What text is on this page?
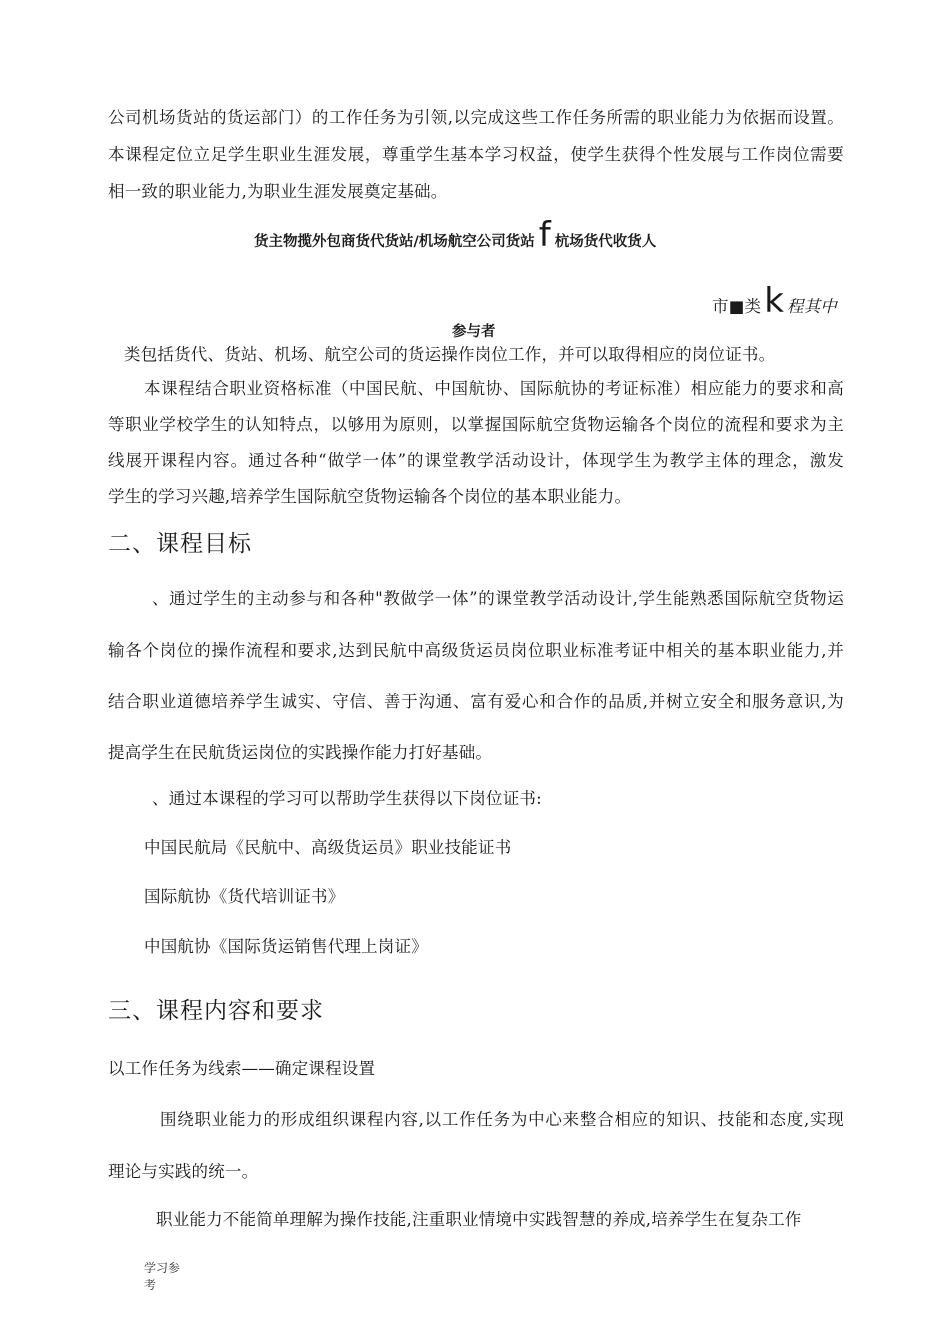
公司机场货站的货运部门）的工作任务为引领,以完成这些工作任务所需的职业能力为依据而设置。
本课程定位立足学生职业生涯发展，尊重学生基本学习权益，使学生获得个性发展与工作岗位需要
相一致的职业能力,为职业生涯发展奠定基础。
货主物揽外包商货代货站/机场航空公司货站 f 杭场货代收货人
市■类k 程其中
参与者
类包括货代、货站、机场、航空公司的货运操作岗位工作，并可以取得相应的岗位证书。
本课程结合职业资格标准（中国民航、中国航协、国际航协的考证标准）相应能力的要求和高
等职业学校学生的认知特点，以够用为原则，以掌握国际航空货物运输各个岗位的流程和要求为主
线展开课程内容。通过各种“做学一体”的课堂教学活动设计，体现学生为教学主体的理念，激发
学生的学习兴趣,培养学生国际航空货物运输各个岗位的基本职业能力。
二、课程目标
、通过学生的主动参与和各种"教做学一体”的课堂教学活动设计,学生能熟悉国际航空货物运
输各个岗位的操作流程和要求,达到民航中高级货运员岗位职业标准考证中相关的基本职业能力,并
结合职业道德培养学生诚实、守信、善于沟通、富有爱心和合作的品质,并树立安全和服务意识,为
提高学生在民航货运岗位的实践操作能力打好基础。
、通过本课程的学习可以帮助学生获得以下岗位证书:
中国民航局《民航中、高级货运员》职业技能证书
国际航协《货代培训证书》
中国航协《国际货运销售代理上岗证》
三、课程内容和要求
以工作任务为线索——确定课程设置
围绕职业能力的形成组织课程内容,以工作任务为中心来整合相应的知识、技能和态度,实现
理论与实践的统一。
职业能力不能简单理解为操作技能,注重职业情境中实践智慧的养成,培养学生在复杂工作
学习参
考
